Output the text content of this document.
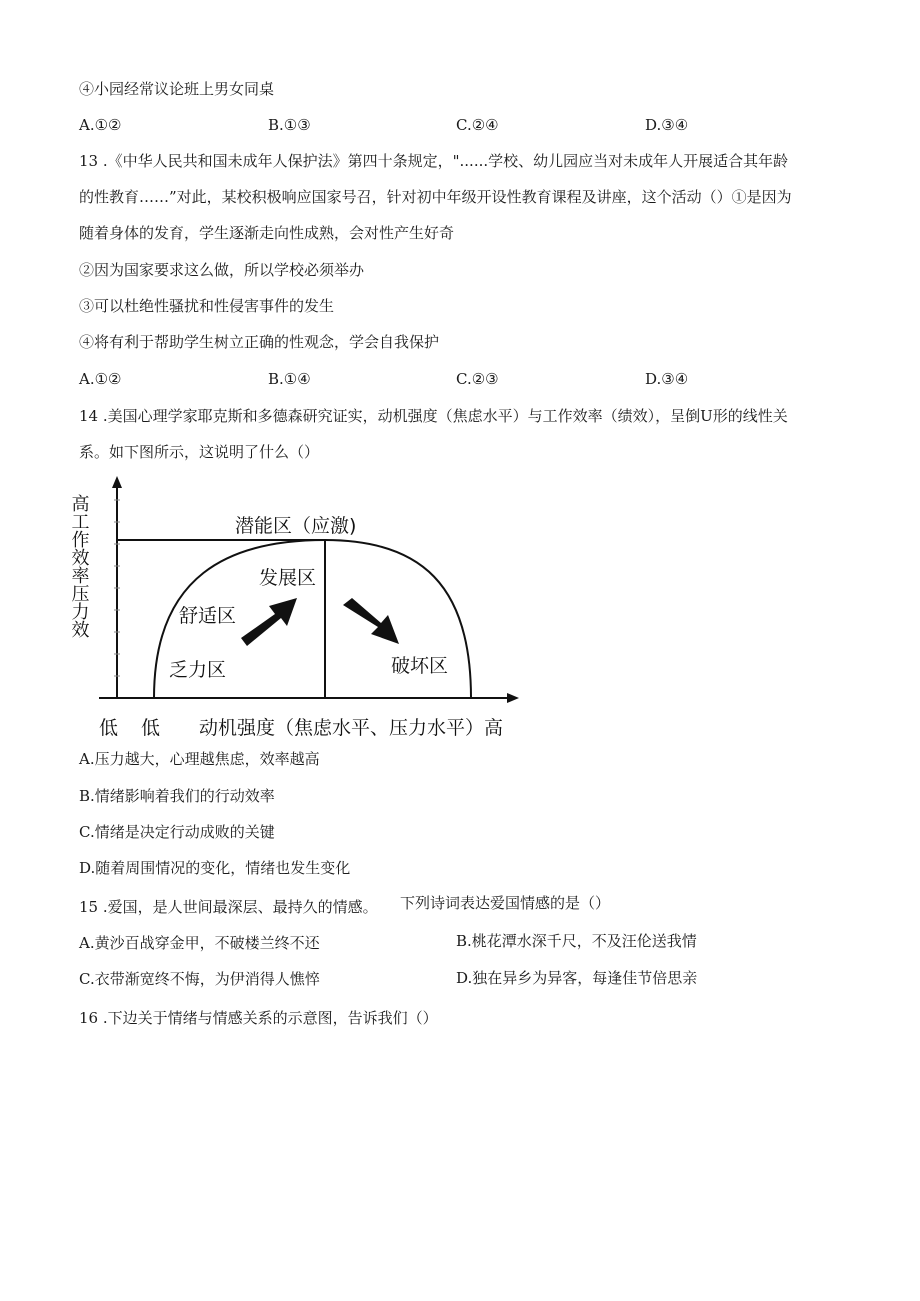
④小园经常议论班上男女同桌
A.①②	B.①③	C.②④	D.③④
13 .《中华人民共和国未成年人保护法》第四十条规定，"......学校、幼儿园应当对未成年人开展适合其年龄
的性教育……”对此，某校积极响应国家号召，针对初中年级开设性教育课程及讲座，这个活动（）①是因为
随着身体的发育，学生逐渐走向性成熟，会对性产生好奇
②因为国家要求这么做，所以学校必须举办
③可以杜绝性骚扰和性侵害事件的发生
④将有利于帮助学生树立正确的性观念，学会自我保护
A.①②	B.①④	C.②③	D.③④
14 .美国心理学家耶克斯和多德森研究证实，动机强度（焦虑水平）与工作效率（绩效），呈倒U形的线性关
系。如下图所示，这说明了什么（）
潜能区（应激)
发展区
舒适区
乏力区	破坏区
高工作效率压力效
低 低 动机强度（焦虑水平、压力水平）高
A.压力越大，心理越焦虑，效率越高
B.情绪影响着我们的行动效率
C.情绪是决定行动成败的关键
D.随着周围情况的变化，情绪也发生变化
15 .爱国，是人世间最深层、最持久的情感。 下列诗词表达爱国情感的是（）
A.黄沙百战穿金甲，不破楼兰终不还	B.桃花潭水深千尺，不及汪伦送我情
C.衣带渐宽终不悔，为伊消得人憔悴	D.独在异乡为异客，每逢佳节倍思亲
16 .下边关于情绪与情感关系的示意图，告诉我们（）
